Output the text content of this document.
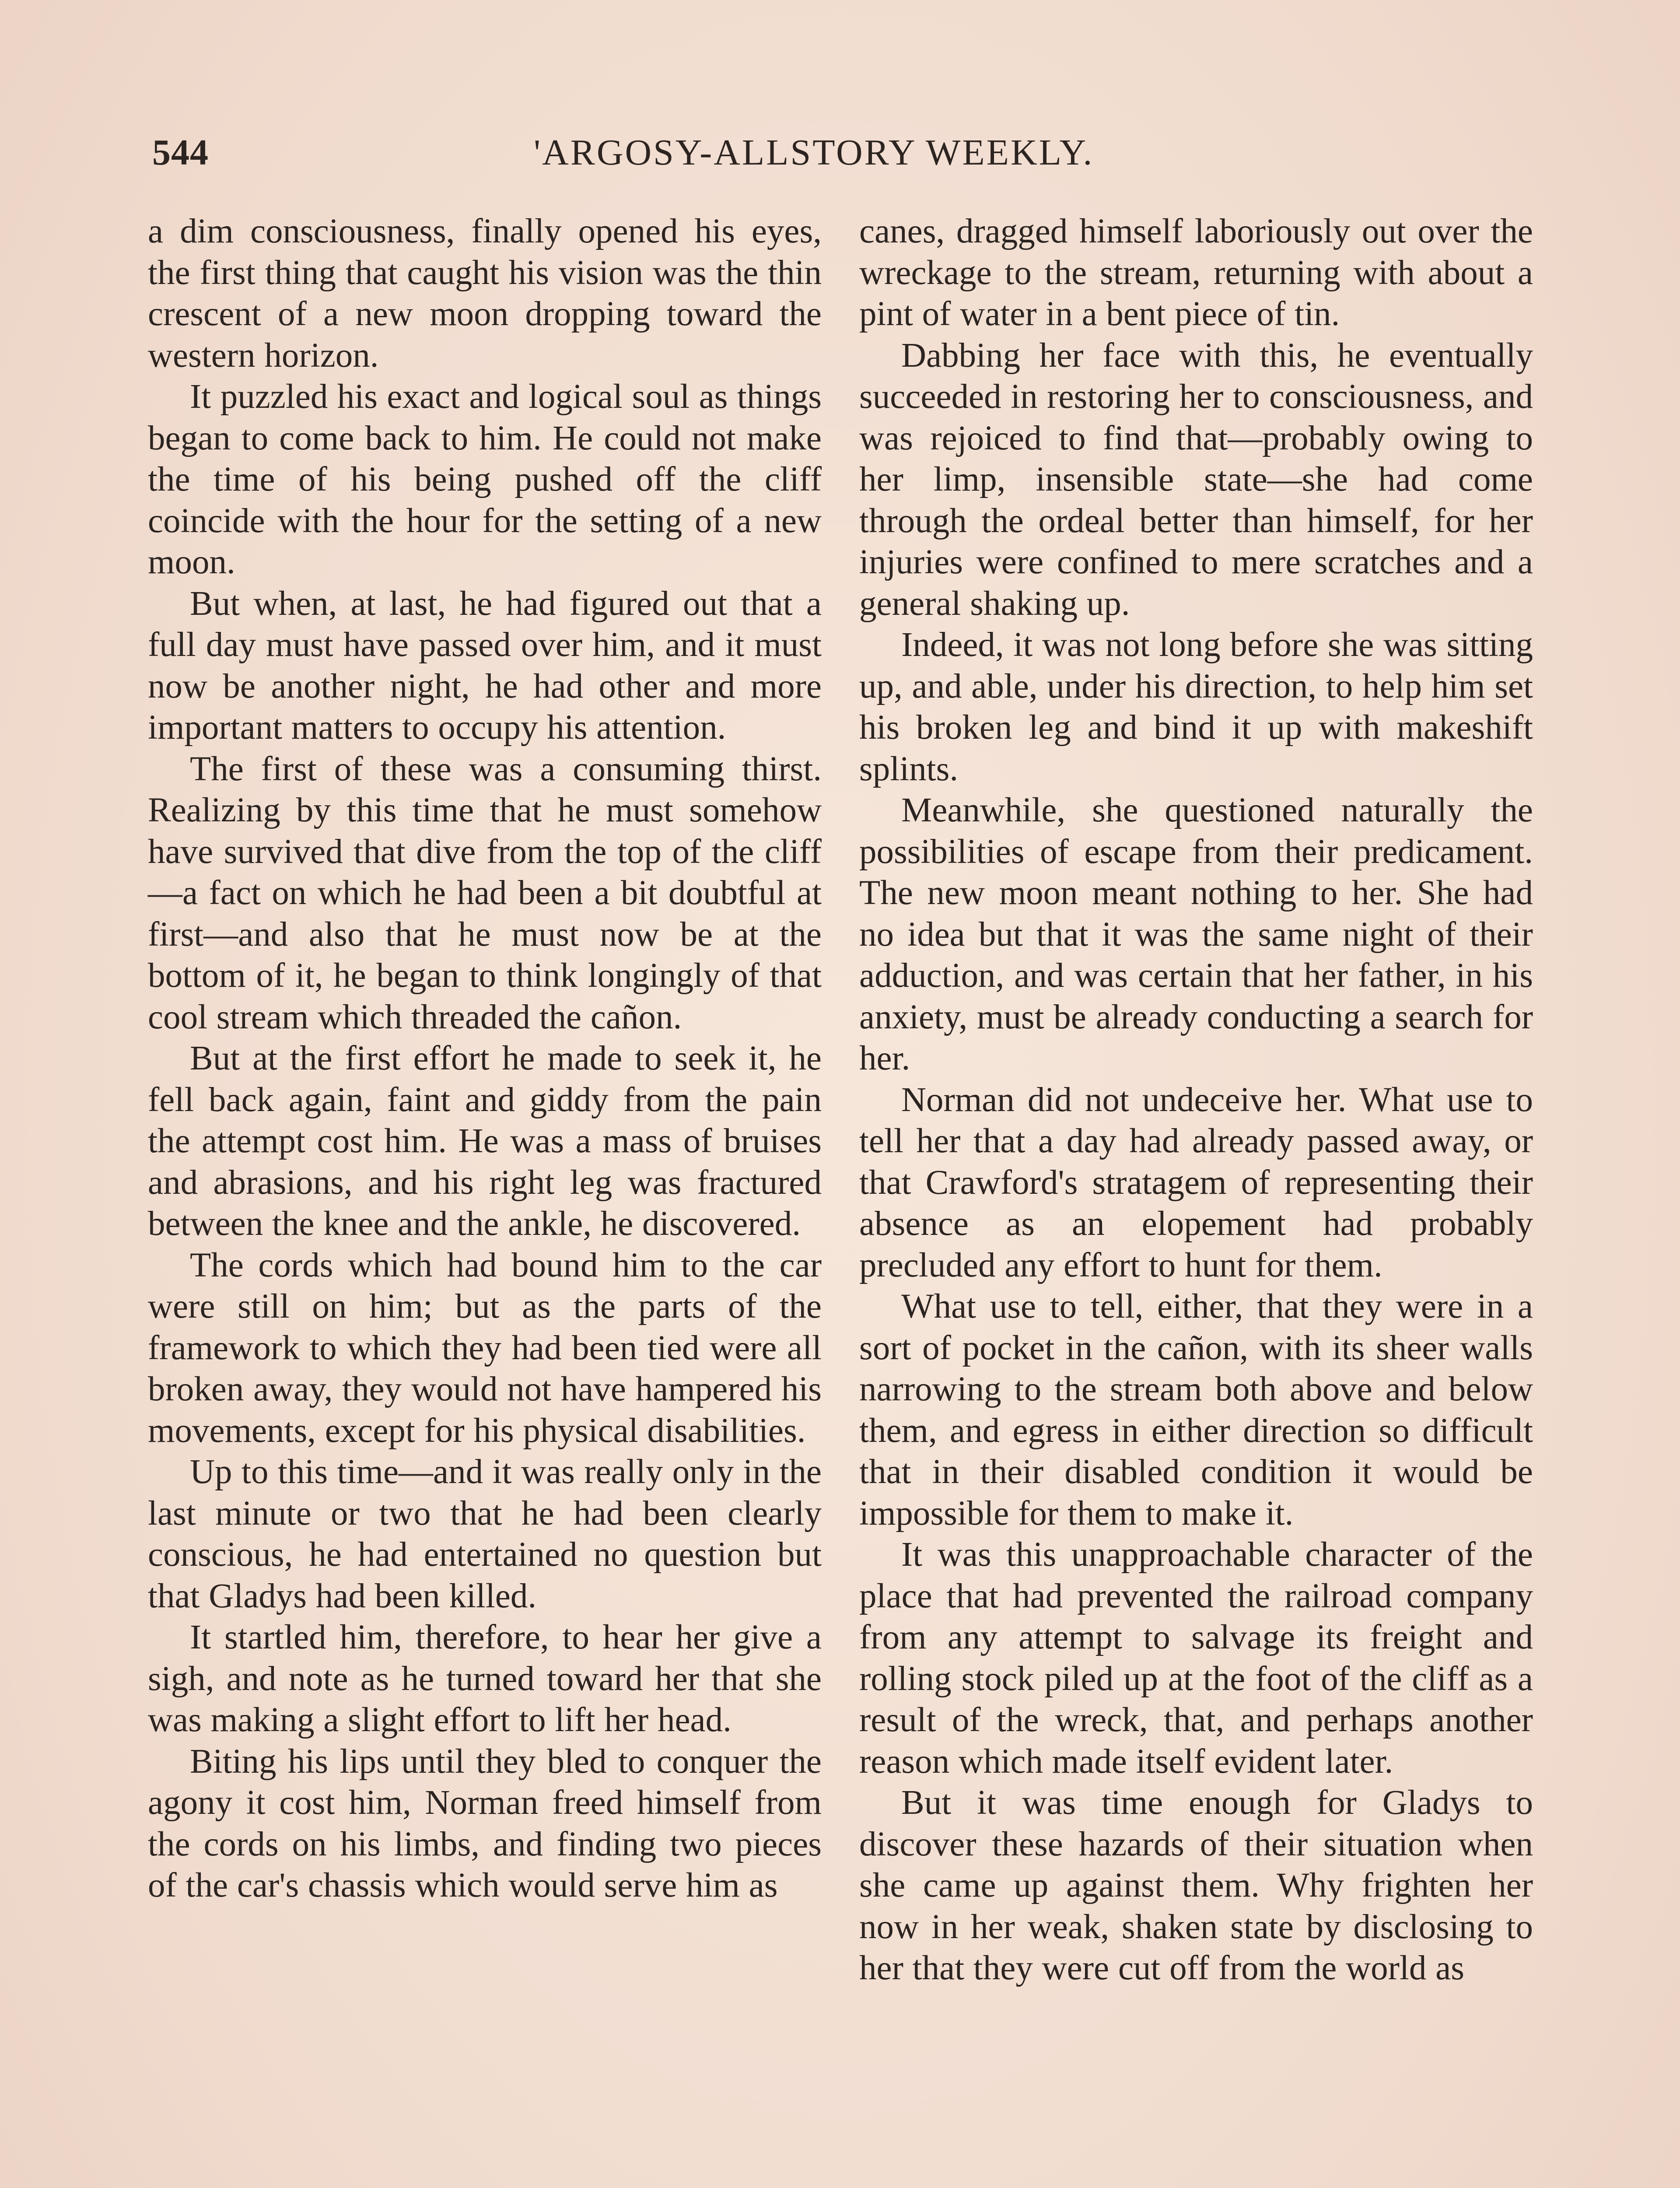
544	'ARGOSY-ALLSTORY WEEKLY.

a dim consciousness, finally opened his eyes, the first thing that caught his vision was the thin crescent of a new moon dropping toward the western horizon.

It puzzled his exact and logical soul as things began to come back to him. He could not make the time of his being pushed off the cliff coincide with the hour for the setting of a new moon.

But when, at last, he had figured out that a full day must have passed over him, and it must now be another night, he had other and more important matters to occupy his attention.

The first of these was a consuming thirst. Realizing by this time that he must somehow have survived that dive from the top of the cliff—a fact on which he had been a bit doubtful at first—and also that he must now be at the bottom of it, he began to think longingly of that cool stream which threaded the cañon.

But at the first effort he made to seek it, he fell back again, faint and giddy from the pain the attempt cost him. He was a mass of bruises and abrasions, and his right leg was fractured between the knee and the ankle, he discovered.

The cords which had bound him to the car were still on him; but as the parts of the framework to which they had been tied were all broken away, they would not have hampered his movements, except for his physical disabilities.

Up to this time—and it was really only in the last minute or two that he had been clearly conscious, he had entertained no question but that Gladys had been killed.

It startled him, therefore, to hear her give a sigh, and note as he turned toward her that she was making a slight effort to lift her head.

Biting his lips until they bled to conquer the agony it cost him, Norman freed himself from the cords on his limbs, and finding two pieces of the car's chassis which would serve him as

canes, dragged himself laboriously out over the wreckage to the stream, returning with about a pint of water in a bent piece of tin.

Dabbing her face with this, he eventually succeeded in restoring her to consciousness, and was rejoiced to find that—probably owing to her limp, insensible state—she had come through the ordeal better than himself, for her injuries were confined to mere scratches and a general shaking up.

Indeed, it was not long before she was sitting up, and able, under his direction, to help him set his broken leg and bind it up with makeshift splints.

Meanwhile, she questioned naturally the possibilities of escape from their predicament. The new moon meant nothing to her. She had no idea but that it was the same night of their adduction, and was certain that her father, in his anxiety, must be already conducting a search for her.

Norman did not undeceive her. What use to tell her that a day had already passed away, or that Crawford's stratagem of representing their absence as an elopement had probably precluded any effort to hunt for them.

What use to tell, either, that they were in a sort of pocket in the cañon, with its sheer walls narrowing to the stream both above and below them, and egress in either direction so difficult that in their disabled condition it would be impossible for them to make it.

It was this unapproachable character of the place that had prevented the railroad company from any attempt to salvage its freight and rolling stock piled up at the foot of the cliff as a result of the wreck, that, and perhaps another reason which made itself evident later.

But it was time enough for Gladys to discover these hazards of their situation when she came up against them. Why frighten her now in her weak, shaken state by disclosing to her that they were cut off from the world as
